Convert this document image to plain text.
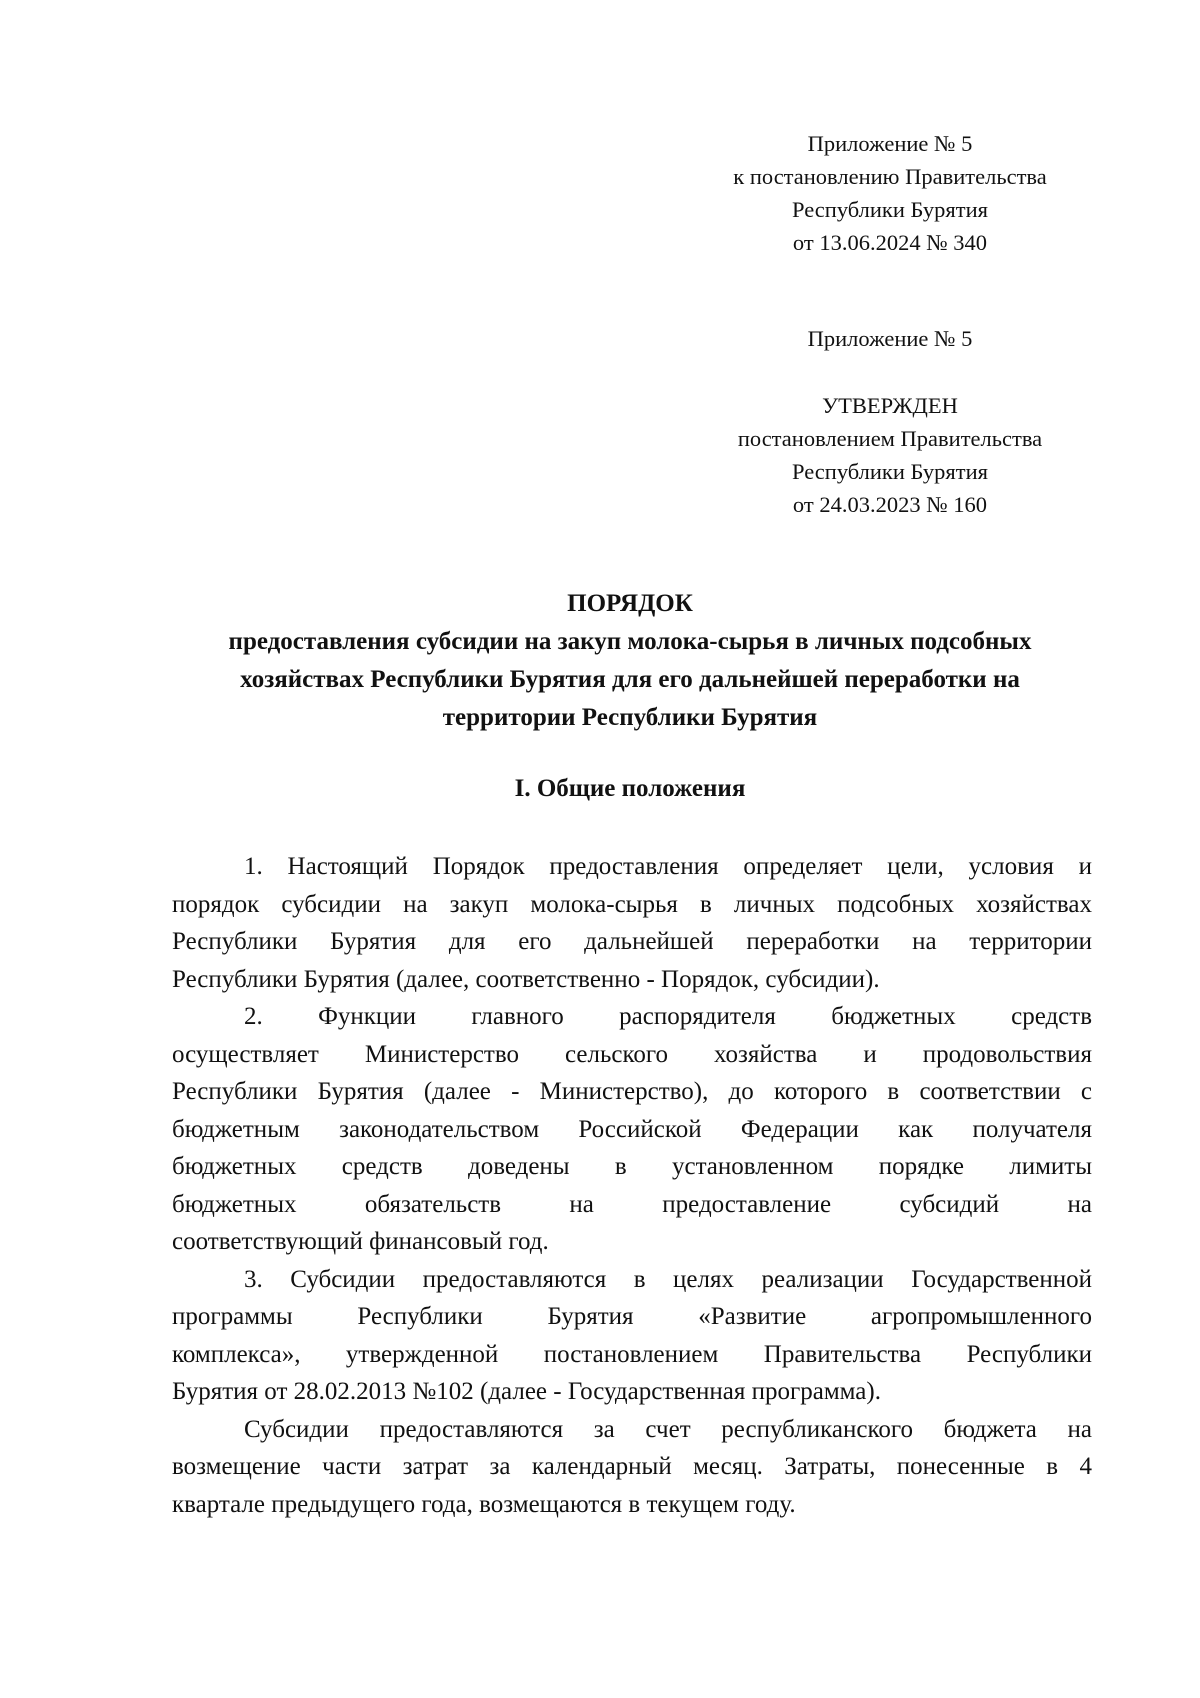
Приложение № 5
к постановлению Правительства
Республики Бурятия
от 13.06.2024 № 340
Приложение № 5
УТВЕРЖДЕН
постановлением Правительства
Республики Бурятия
от 24.03.2023 № 160
ПОРЯДОК
предоставления субсидии на закуп молока-сырья в личных подсобных
хозяйствах Республики Бурятия для его дальнейшей переработки на
территории Республики Бурятия
I. Общие положения
1. Настоящий Порядок предоставления определяет цели, условия и
порядок субсидии на закуп молока-сырья в личных подсобных хозяйствах
Республики Бурятия для его дальнейшей переработки на территории
Республики Бурятия (далее, соответственно - Порядок, субсидии).
2. Функции главного распорядителя бюджетных средств
осуществляет Министерство сельского хозяйства и продовольствия
Республики Бурятия (далее - Министерство), до которого в соответствии с
бюджетным законодательством Российской Федерации как получателя
бюджетных средств доведены в установленном порядке лимиты
бюджетных обязательств на предоставление субсидий на
соответствующий финансовый год.
3. Субсидии предоставляются в целях реализации Государственной
программы Республики Бурятия «Развитие агропромышленного
комплекса», утвержденной постановлением Правительства Республики
Бурятия от 28.02.2013 №102 (далее - Государственная программа).
Субсидии предоставляются за счет республиканского бюджета на
возмещение части затрат за календарный месяц. Затраты, понесенные в 4
квартале предыдущего года, возмещаются в текущем году.
